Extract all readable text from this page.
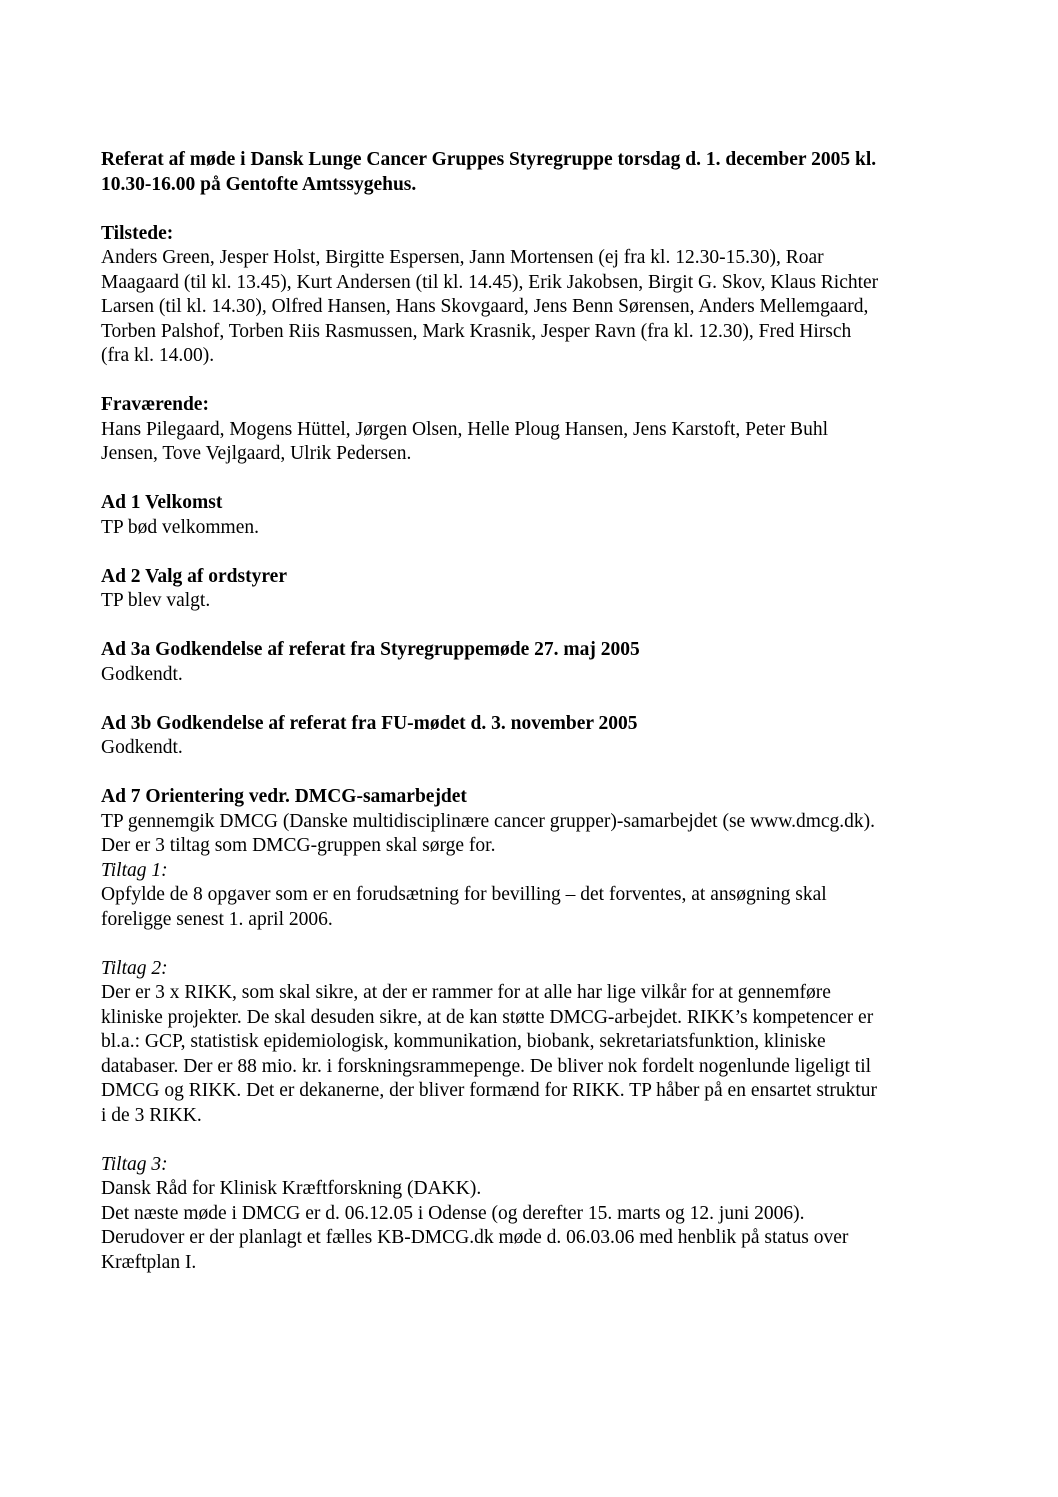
Referat af møde i Dansk Lunge Cancer Gruppes Styregruppe torsdag d. 1. december 2005 kl.
10.30-16.00 på Gentofte Amtssygehus.
Tilstede:
Anders Green, Jesper Holst, Birgitte Espersen, Jann Mortensen (ej fra kl. 12.30-15.30), Roar
Maagaard (til kl. 13.45), Kurt Andersen (til kl. 14.45), Erik Jakobsen, Birgit G. Skov, Klaus Richter
Larsen (til kl. 14.30), Olfred Hansen, Hans Skovgaard, Jens Benn Sørensen, Anders Mellemgaard,
Torben Palshof, Torben Riis Rasmussen, Mark Krasnik, Jesper Ravn (fra kl. 12.30), Fred Hirsch
(fra kl. 14.00).
Fraværende:
Hans Pilegaard, Mogens Hüttel, Jørgen Olsen, Helle Ploug Hansen, Jens Karstoft, Peter Buhl
Jensen, Tove Vejlgaard, Ulrik Pedersen.
Ad 1 Velkomst
TP bød velkommen.
Ad 2 Valg af ordstyrer
TP blev valgt.
Ad 3a Godkendelse af referat fra Styregruppemøde 27. maj 2005
Godkendt.
Ad 3b Godkendelse af referat fra FU-mødet d. 3. november 2005
Godkendt.
Ad 7 Orientering vedr. DMCG-samarbejdet
TP gennemgik DMCG (Danske multidisciplinære cancer grupper)-samarbejdet (se www.dmcg.dk).
Der er 3 tiltag som DMCG-gruppen skal sørge for.
Tiltag 1:
Opfylde de 8 opgaver som er en forudsætning for bevilling – det forventes, at ansøgning skal
foreligge senest 1. april 2006.
Tiltag 2:
Der er 3 x RIKK, som skal sikre, at der er rammer for at alle har lige vilkår for at gennemføre
kliniske projekter. De skal desuden sikre, at de kan støtte DMCG-arbejdet. RIKK’s kompetencer er
bl.a.: GCP, statistisk epidemiologisk, kommunikation, biobank, sekretariatsfunktion, kliniske
databaser. Der er 88 mio. kr. i forskningsrammepenge. De bliver nok fordelt nogenlunde ligeligt til
DMCG og RIKK. Det er dekanerne, der bliver formænd for RIKK. TP håber på en ensartet struktur
i de 3 RIKK.
Tiltag 3:
Dansk Råd for Klinisk Kræftforskning (DAKK).
Det næste møde i DMCG er d. 06.12.05 i Odense (og derefter 15. marts og 12. juni 2006).
Derudover er der planlagt et fælles KB-DMCG.dk møde d. 06.03.06 med henblik på status over
Kræftplan I.
